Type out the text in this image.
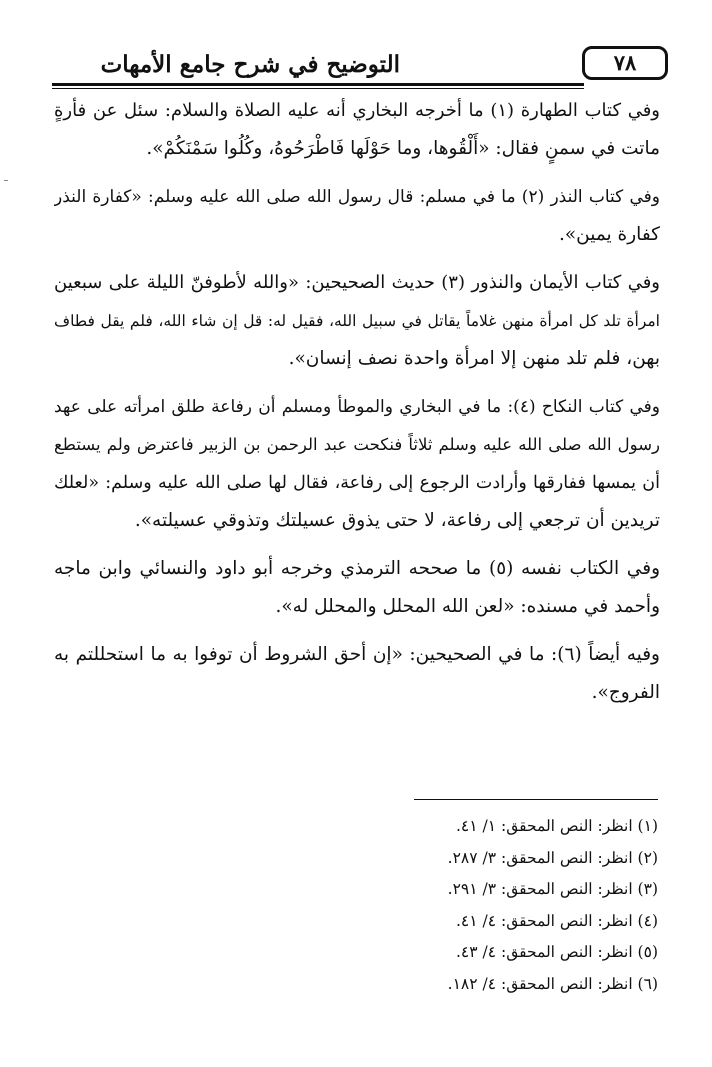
٧٨
التوضيح في شرح جامع الأمهات
وفي كتاب الطهارة (١) ما أخرجه البخاري أنه عليه الصلاة والسلام: سئل عن فأرةٍ
ماتت في سمنٍ فقال: «أَلْقُوها، وما حَوْلَها فَاطْرَحُوهُ، وكُلُوا سَمْنَكُمْ».
وفي كتاب النذر (٢) ما في مسلم: قال رسول الله صلى الله عليه وسلم: «كفارة النذر
كفارة يمين».
وفي كتاب الأيمان والنذور (٣) حديث الصحيحين: «والله لأطوفنّ الليلة على سبعين
امرأة تلد كل امرأة منهن غلاماً يقاتل في سبيل الله، فقيل له: قل إن شاء الله، فلم يقل فطاف
بهن، فلم تلد منهن إلا امرأة واحدة نصف إنسان».
وفي كتاب النكاح (٤): ما في البخاري والموطأ ومسلم أن رفاعة طلق امرأته على عهد
رسول الله صلى الله عليه وسلم ثلاثاً فنكحت عبد الرحمن بن الزبير فاعترض ولم يستطع
أن يمسها ففارقها وأرادت الرجوع إلى رفاعة، فقال لها صلى الله عليه وسلم: «لعلك
تريدين أن ترجعي إلى رفاعة، لا حتى يذوق عسيلتك وتذوقي عسيلته».
وفي الكتاب نفسه (٥) ما صححه الترمذي وخرجه أبو داود والنسائي وابن ماجه
وأحمد في مسنده: «لعن الله المحلل والمحلل له».
وفيه أيضاً (٦): ما في الصحيحين: «إن أحق الشروط أن توفوا به ما استحللتم به
الفروج».
(١) انظر: النص المحقق: ١/ ٤١.
(٢) انظر: النص المحقق: ٣/ ٢٨٧.
(٣) انظر: النص المحقق: ٣/ ٢٩١.
(٤) انظر: النص المحقق: ٤/ ٤١.
(٥) انظر: النص المحقق: ٤/ ٤٣.
(٦) انظر: النص المحقق: ٤/ ١٨٢.
